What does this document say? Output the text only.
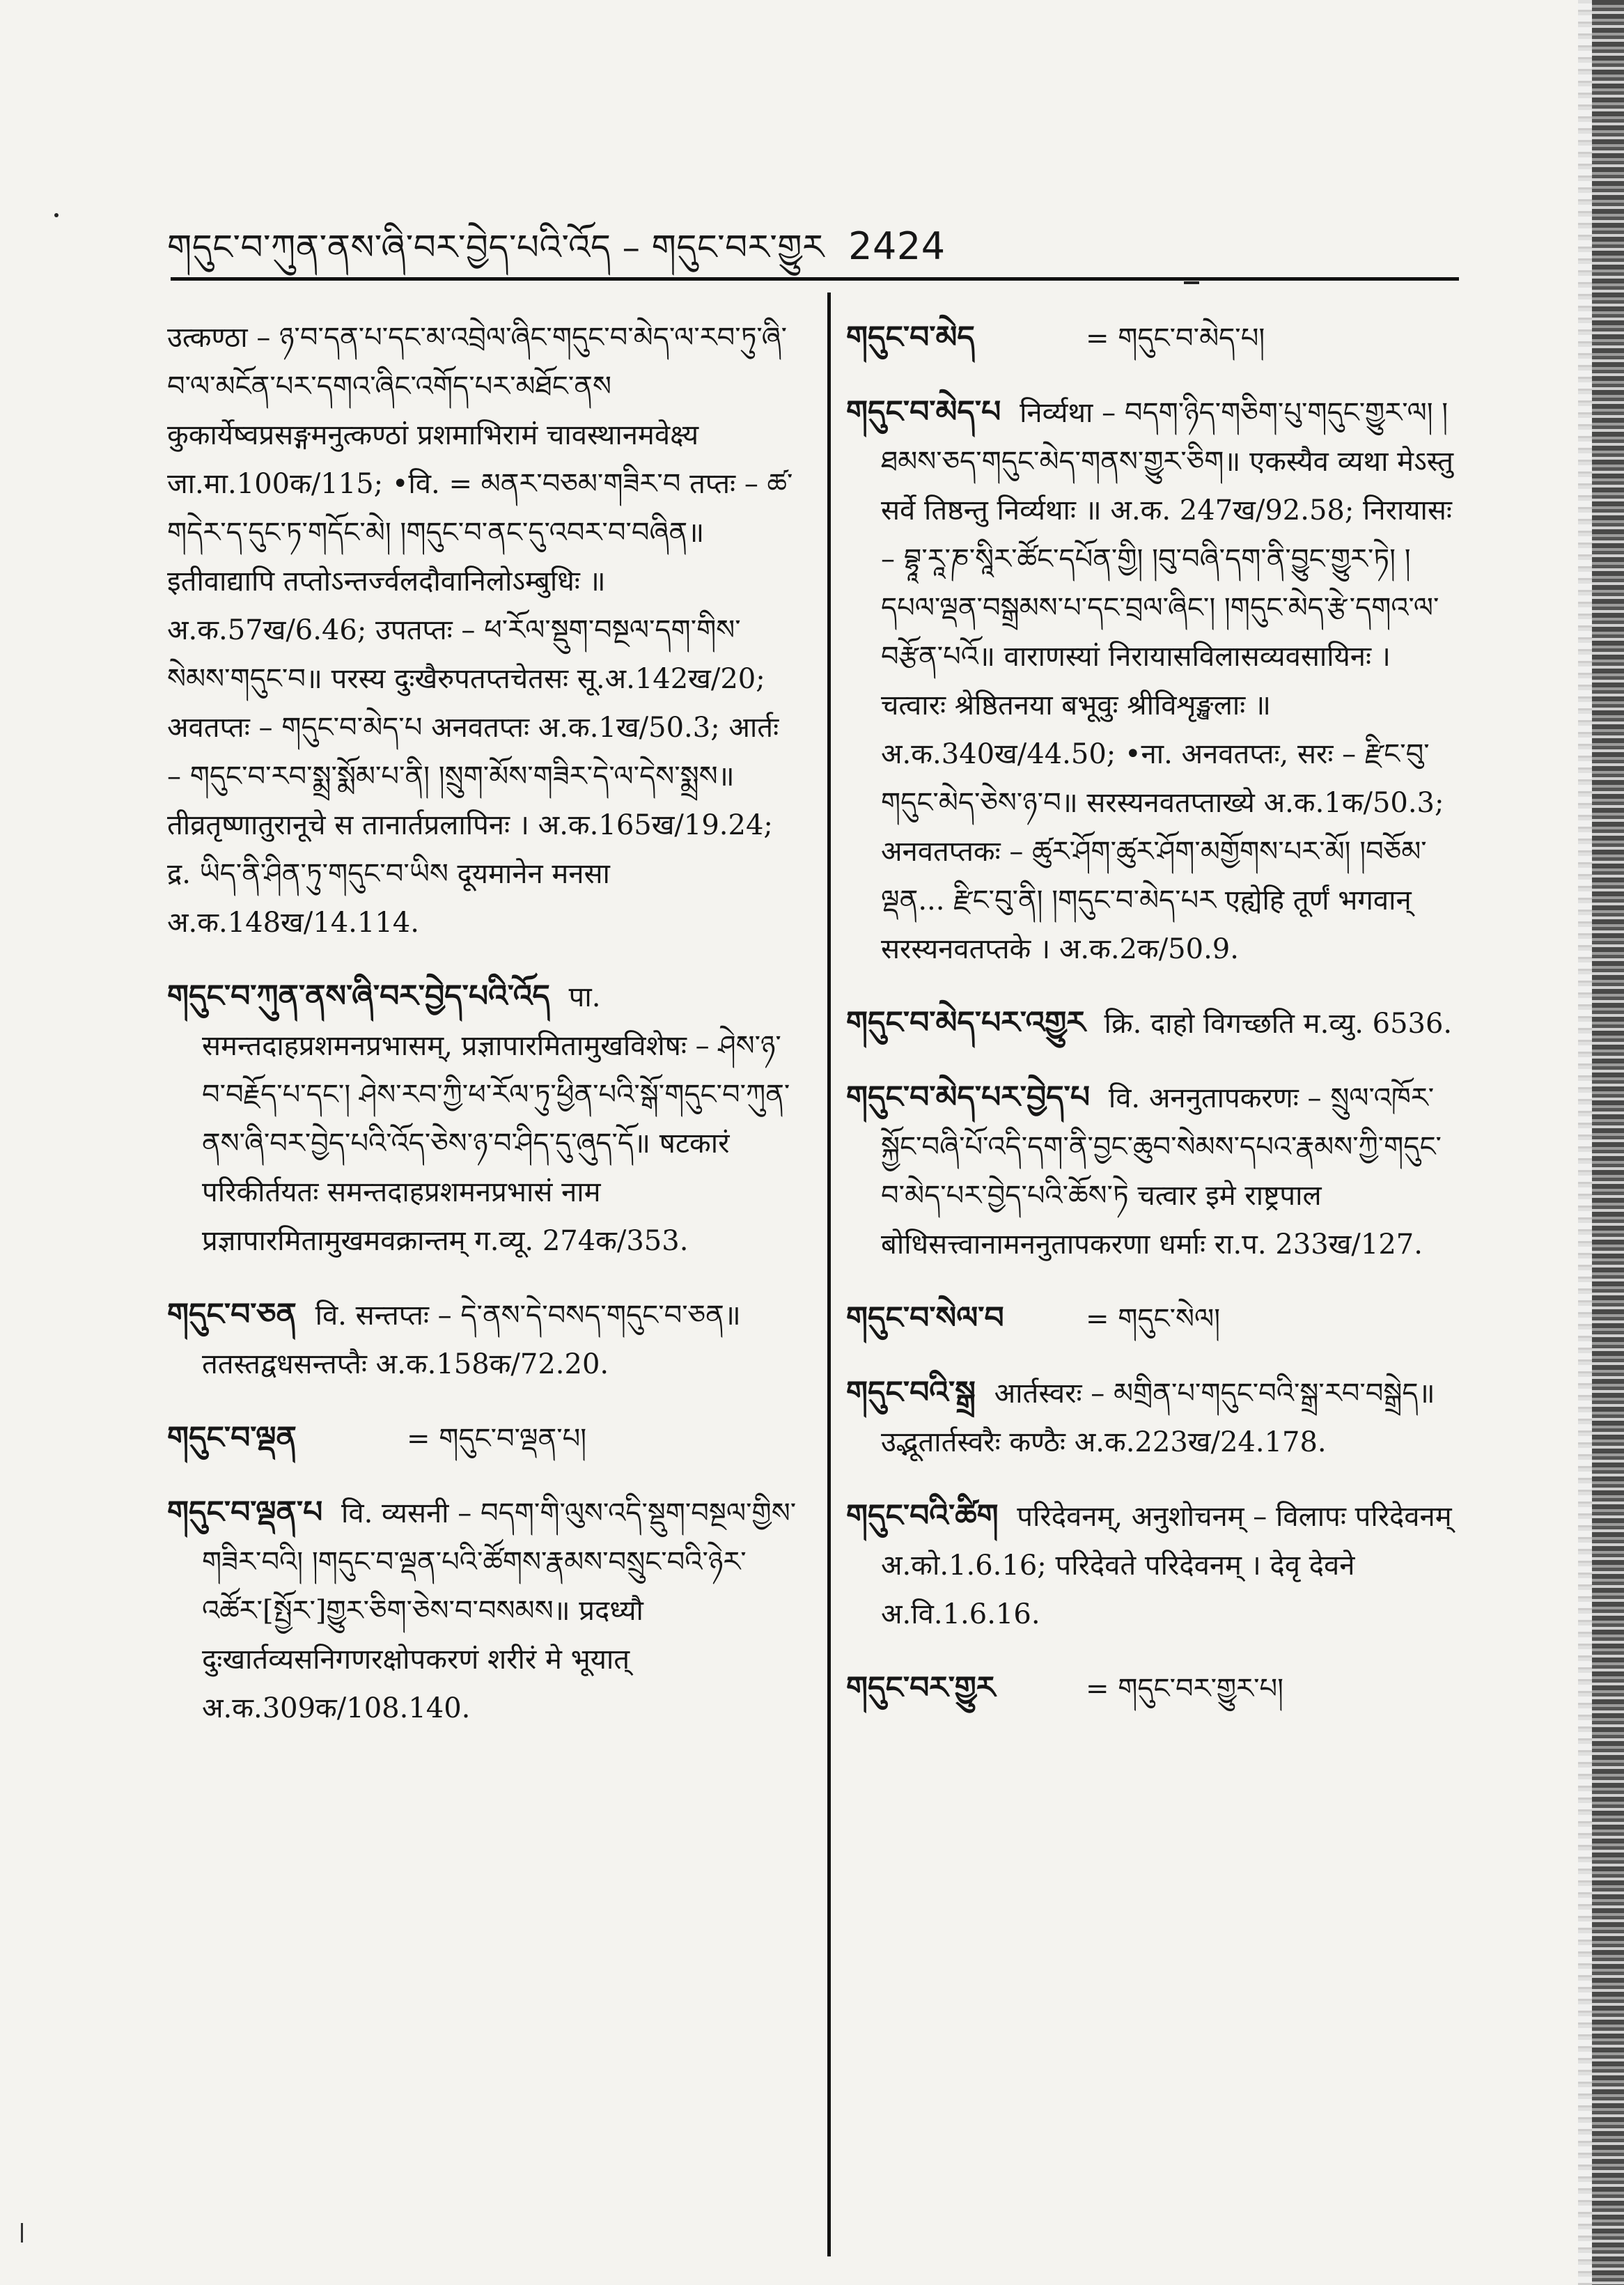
གདུང་བ་ཀུན་ནས་ཞི་བར་བྱེད་པའི་འོད – གདུང་བར་གྱུར 2424
उत्कण्ठा – ཉ་བ་དན་པ་དང་མ་འབྲེལ་ཞིང་གདུང་བ་མེད་ལ་རབ་ཏུ་ཞི་བ་ལ་མངོན་པར་དགའ་ཞིང་འགོད་པར་མཐོང་ནས कुकार्येष्वप्रसङ्गमनुत्कण्ठां प्रशमाभिरामं चावस्थानमवेक्ष्य जा.मा.100क/115; •वि. = མནར་བཅམ་གཟིར་བ तप्तः – ཚ་གདེར་ད་དུང་ཏ་གདོང་མེ། །གདུང་བ་ནང་དུ་འབར་བ་བཞིན॥ इतीवाद्यापि तप्तोऽन्तर्ज्वलदौवानिलोऽम्बुधिः ॥ अ.क.57ख/6.46; उपतप्तः – ཕ་རོལ་སྡུག་བསྔལ་དག་གིས་སེམས་གདུང་བ॥ परस्य दुःखैरुपतप्तचेतसः सू.अ.142ख/20; अवतप्तः – གདུང་བ་མེད་པ अनवतप्तः अ.क.1ख/50.3; आर्तः – གདུང་བ་རབ་སྨྲ་སྨོམ་པ་ནི། །སྲུག་མོས་གཟིར་དེ་ལ་དེས་སྨྲས॥ तीव्रतृष्णातुरानूचे स तानार्तप्रलापिनः । अ.क.165ख/19.24; द्र. ཡིད་ནི་ཤིན་ཏུ་གདུང་བ་ཡིས दूयमानेन मनसा अ.क.148ख/14.114.
གདུང་བ་ཀུན་ནས་ཞི་བར་བྱེད་པའི་འོད पा. समन्तदाहप्रशमनप्रभासम्, प्रज्ञापारमितामुखविशेषः – ཤེས་ཉ་བ་བརྗོད་པ་དང་། ཤེས་རབ་ཀྱི་ཕ་རོལ་ཏུ་ཕྱིན་པའི་སྒོ་གདུང་བ་ཀུན་ནས་ཞི་བར་བྱེད་པའི་འོད་ཅེས་ཉ་བ་ཤིད་དུ་ཞུད་དོ॥ षटकारं परिकीर्तयतः समन्तदाहप्रशमनप्रभासं नाम प्रज्ञापारमितामुखमवक्रान्तम् ग.व्यू. 274क/353.
གདུང་བ་ཅན वि. सन्तप्तः – དེ་ནས་དེ་བསད་གདུང་བ་ཅན॥ ततस्तद्वधसन्तप्तैः अ.क.158क/72.20.
གདུང་བ་ལྡན	= གདུང་བ་ལྡན་པ།
གདུང་བ་ལྡན་པ वि. व्यसनी – བདག་གི་ལུས་འདི་སྡུག་བསྔལ་གྱིས་གཟིར་བའི། །གདུང་བ་ལྡན་པའི་ཚོགས་རྣམས་བསྲུང་བའི་ཉེར་འཚོར་[སྤྱོར་]གྱུར་ཅིག་ཅེས་བ་བསམས॥ प्रदध्यौ दुःखार्तव्यसनिगणरक्षोपकरणं शरीरं मे भूयात् अ.क.309क/108.140.
གདུང་བ་མེད	= གདུང་བ་མེད་པ།
གདུང་བ་མེད་པ निर्व्यथा – བདག་ཉིད་གཅིག་པུ་གདུང་གྱུར་ལ། །ཐམས་ཅད་གདུང་མེད་གནས་གྱུར་ཅིག॥ एकस्यैव व्यथा मेऽस्तु सर्वे तिष्ठन्तु निर्व्यथाः ॥ अ.क. 247ख/92.58; निरायासः – བྷཱ་རཱ་ཎ་སཱིར་ཚོང་དཔོན་གྱི། །བུ་བཞི་དག་ནི་བྱུང་གྱུར་ཏེ། །དཔལ་ལྡན་བསྒྲམས་པ་དང་བྲལ་ཞིང་། །གདུང་མེད་རྩེ་དགའ་ལ་བརྩོན་པའོ॥ वाराणस्यां निरायासविलासव्यवसायिनः । चत्वारः श्रेष्ठितनया बभूवुः श्रीविशृङ्खलाः ॥ अ.क.340ख/44.50; •ना. अनवतप्तः, सरः – རྫིང་བུ་གདུང་མེད་ཅེས་ཉ་བ॥ सरस्यनवतप्ताख्ये अ.क.1क/50.3; अनवतप्तकः – ཚུར་ཤོག་ཚུར་ཤོག་མགྱོགས་པར་མོ། །བཅོམ་ལྡན... རྫིང་བུ་ནི། །གདུང་བ་མེད་པར एह्येहि तूर्णं भगवान् सरस्यनवतप्तके । अ.क.2क/50.9.
གདུང་བ་མེད་པར་འགྱུར क्रि. दाहो विगच्छति म.व्यु. 6536.
གདུང་བ་མེད་པར་བྱེད་པ वि. अननुतापकरणः – སྲུལ་འཁོར་སྐྱོང་བཞི་པོ་འདི་དག་ནི་བྱང་ཆུབ་སེམས་དཔའ་རྣམས་ཀྱི་གདུང་བ་མེད་པར་བྱེད་པའི་ཆོས་ཏེ चत्वार इमे राष्ट्रपाल बोधिसत्त्वानामननुतापकरणा धर्माः रा.प. 233ख/127.
གདུང་བ་སེལ་བ	= གདུང་སེལ།
གདུང་བའི་སྒྲ आर्तस्वरः – མགྲིན་པ་གདུང་བའི་སྒྲ་རབ་བསྒྲེད॥ उद्भूतार्तस्वरैः कण्ठैः अ.क.223ख/24.178.
གདུང་བའི་ཚིག परिदेवनम्, अनुशोचनम् – विलापः परिदेवनम् अ.को.1.6.16; परिदेवते परिदेवनम् । देवृ देवने अ.वि.1.6.16.
གདུང་བར་གྱུར	= གདུང་བར་གྱུར་པ།
